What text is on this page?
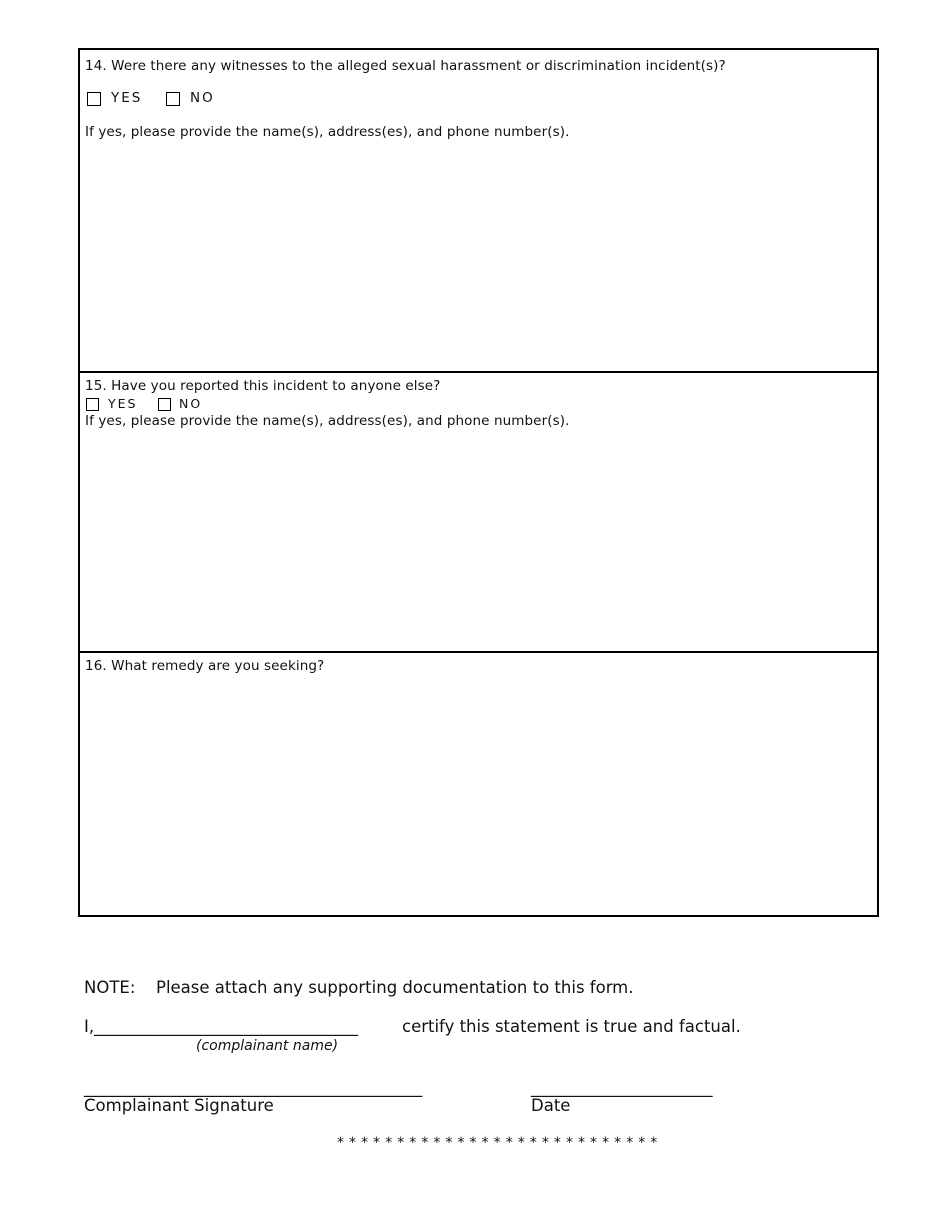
14. Were there any witnesses to the alleged sexual harassment or discrimination incident(s)?
YES	NO
If yes, please provide the name(s), address(es), and phone number(s).
15. Have you reported this incident to anyone else?
YES	NO
If yes, please provide the name(s), address(es), and phone number(s).
16. What remedy are you seeking?
NOTE: Please attach any supporting documentation to this form.
I,________________________________	certify this statement is true and factual.
(complainant name)
_________________________________________
Complainant Signature
______________________
Date
* * * * * * * * * * * * * * * * * * * * * * * * * * *
